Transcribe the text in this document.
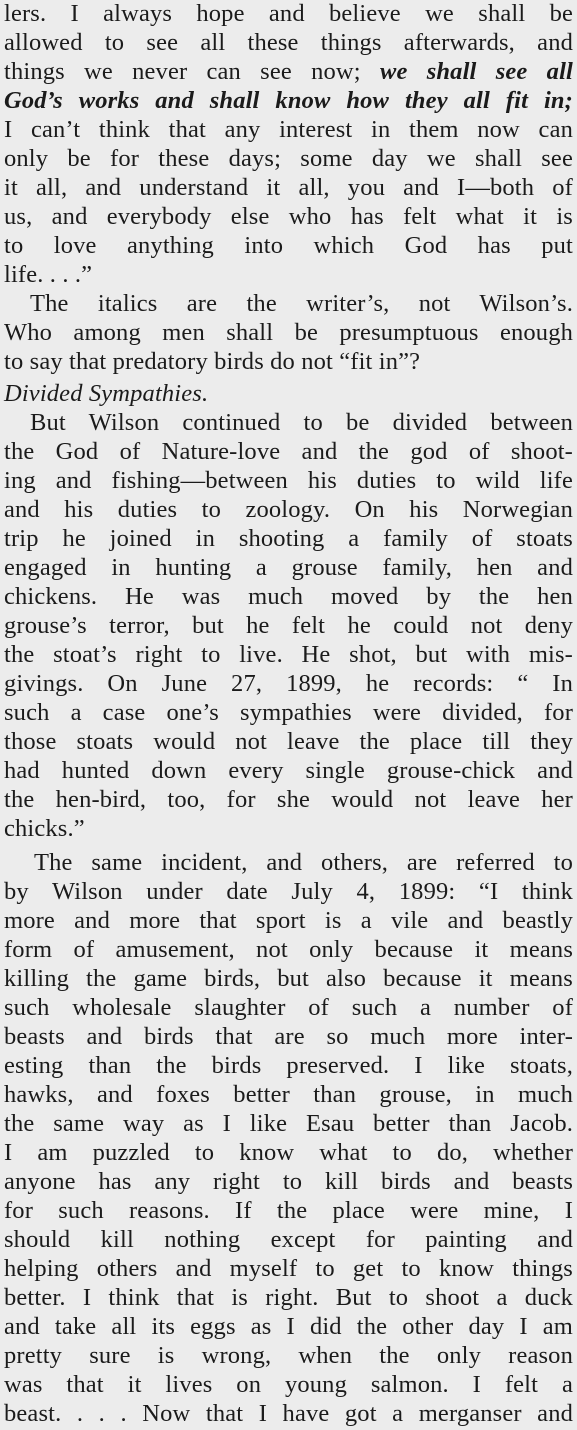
lers. I always hope and believe we shall be
allowed to see all these things afterwards, and
things we never can see now; we shall see all
God’s works and shall know how they all fit in;
I can’t think that any interest in them now can
only be for these days; some day we shall see
it all, and understand it all, you and I—both of
us, and everybody else who has felt what it is
to love anything into which God has put
life. . . .”
The italics are the writer’s, not Wilson’s.
Who among men shall be presumptuous enough
to say that predatory birds do not “fit in”?
Divided Sympathies.
But Wilson continued to be divided between
the God of Nature-love and the god of shoot-
ing and fishing—between his duties to wild life
and his duties to zoology. On his Norwegian
trip he joined in shooting a family of stoats
engaged in hunting a grouse family, hen and
chickens. He was much moved by the hen
grouse’s terror, but he felt he could not deny
the stoat’s right to live. He shot, but with mis-
givings. On June 27, 1899, he records: “ In
such a case one’s sympathies were divided, for
those stoats would not leave the place till they
had hunted down every single grouse-chick and
the hen-bird, too, for she would not leave her
chicks.”
The same incident, and others, are referred to
by Wilson under date July 4, 1899: “I think
more and more that sport is a vile and beastly
form of amusement, not only because it means
killing the game birds, but also because it means
such wholesale slaughter of such a number of
beasts and birds that are so much more inter-
esting than the birds preserved. I like stoats,
hawks, and foxes better than grouse, in much
the same way as I like Esau better than Jacob.
I am puzzled to know what to do, whether
anyone has any right to kill birds and beasts
for such reasons. If the place were mine, I
should kill nothing except for painting and
helping others and myself to get to know things
better. I think that is right. But to shoot a duck
and take all its eggs as I did the other day I am
pretty sure is wrong, when the only reason
was that it lives on young salmon. I felt a
beast. . . . Now that I have got a merganser and
